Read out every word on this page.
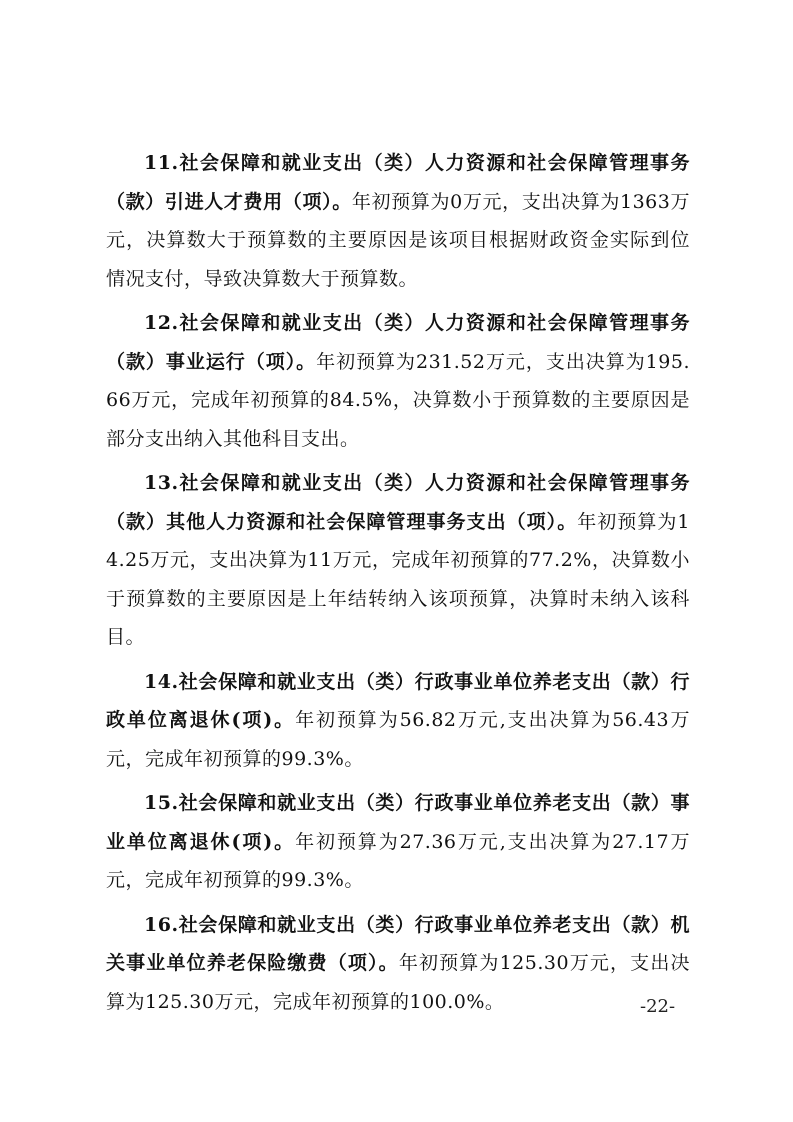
11.社会保障和就业支出（类）人力资源和社会保障管理事务（款）引进人才费用（项）。年初预算为0万元，支出决算为1363万元，决算数大于预算数的主要原因是该项目根据财政资金实际到位情况支付，导致决算数大于预算数。

12.社会保障和就业支出（类）人力资源和社会保障管理事务（款）事业运行（项）。年初预算为231.52万元，支出决算为195.66万元，完成年初预算的84.5%，决算数小于预算数的主要原因是部分支出纳入其他科目支出。

13.社会保障和就业支出（类）人力资源和社会保障管理事务（款）其他人力资源和社会保障管理事务支出（项）。年初预算为14.25万元，支出决算为11万元，完成年初预算的77.2%，决算数小于预算数的主要原因是上年结转纳入该项预算，决算时未纳入该科目。

14.社会保障和就业支出（类）行政事业单位养老支出（款）行政单位离退休(项)。年初预算为56.82万元,支出决算为56.43万元，完成年初预算的99.3%。

15.社会保障和就业支出（类）行政事业单位养老支出（款）事业单位离退休(项)。年初预算为27.36万元,支出决算为27.17万元，完成年初预算的99.3%。

16.社会保障和就业支出（类）行政事业单位养老支出（款）机关事业单位养老保险缴费（项）。年初预算为125.30万元，支出决算为125.30万元，完成年初预算的100.0%。	-22-
